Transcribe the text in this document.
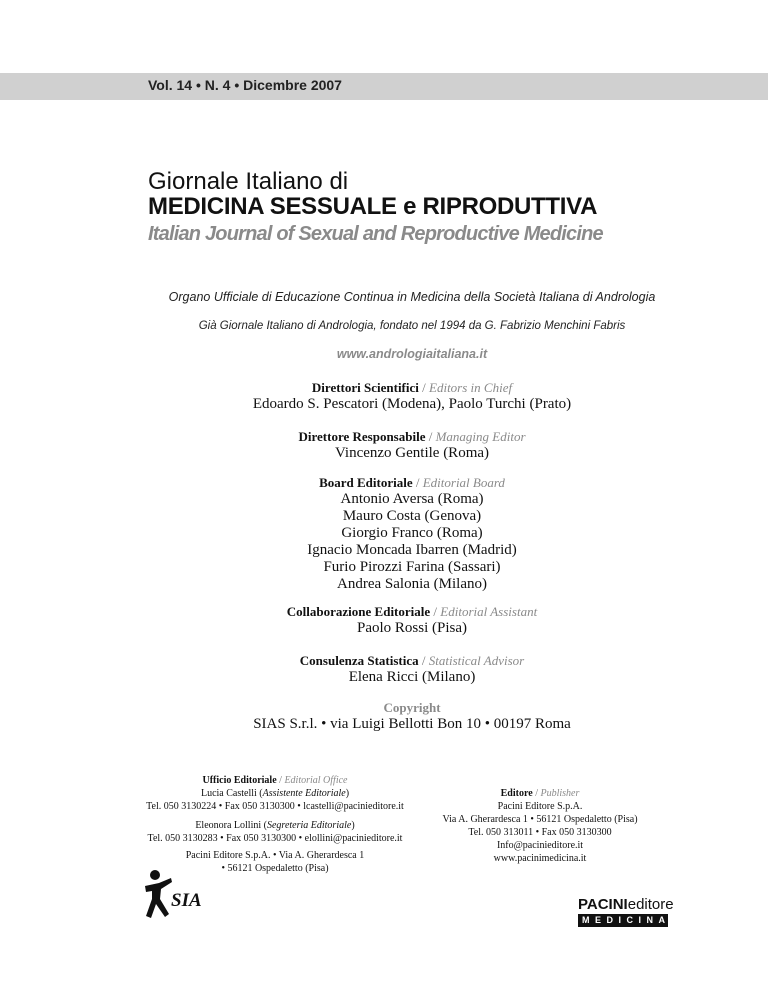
Vol. 14 • N. 4 • Dicembre 2007
Giornale Italiano di
MEDICINA SESSUALE e RIPRODUTTIVA
Italian Journal of Sexual and Reproductive Medicine
Organo Ufficiale di Educazione Continua in Medicina della Società Italiana di Andrologia
Già Giornale Italiano di Andrologia, fondato nel 1994 da G. Fabrizio Menchini Fabris
www.andrologiaitaliana.it
Direttori Scientifici / Editors in Chief
Edoardo S. Pescatori (Modena), Paolo Turchi (Prato)
Direttore Responsabile / Managing Editor
Vincenzo Gentile (Roma)
Board Editoriale / Editorial Board
Antonio Aversa (Roma)
Mauro Costa (Genova)
Giorgio Franco (Roma)
Ignacio Moncada Ibarren (Madrid)
Furio Pirozzi Farina (Sassari)
Andrea Salonia (Milano)
Collaborazione Editoriale / Editorial Assistant
Paolo Rossi (Pisa)
Consulenza Statistica / Statistical Advisor
Elena Ricci (Milano)
Copyright
SIAS S.r.l. • via Luigi Bellotti Bon 10 • 00197 Roma
Ufficio Editoriale / Editorial Office
Lucia Castelli (Assistente Editoriale)
Tel. 050 3130224 • Fax 050 3130300 • lcastelli@pacinieditore.it
Eleonora Lollini (Segreteria Editoriale)
Tel. 050 3130283 • Fax 050 3130300 • elollini@pacinieditore.it
Pacini Editore S.p.A. • Via A. Gherardesca 1
• 56121 Ospedaletto (Pisa)
Editore / Publisher
Pacini Editore S.p.A.
Via A. Gherardesca 1 • 56121 Ospedaletto (Pisa)
Tel. 050 313011 • Fax 050 3130300
Info@pacinieditore.it
www.pacinimedicina.it
SIA	PACINIeditore
MEDICINA
